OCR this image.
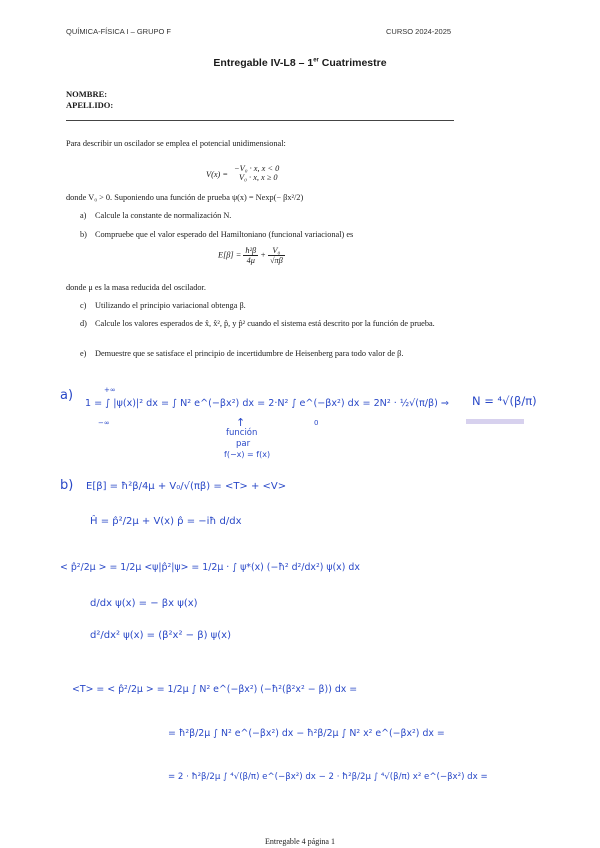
QUÍMICA-FÍSICA I – GRUPO F	CURSO 2024-2025
Entregable IV-L8 – 1er Cuatrimestre
NOMBRE:
APELLIDO:
Para describir un oscilador se emplea el potencial unidimensional:
V(x) =
−V₀ · x, x < 0
V₀ · x, x ≥ 0
donde V₀ > 0. Suponiendo una función de prueba ψ(x) = Nexp(− βx²/2)
a) Calcule la constante de normalización N.
b) Compruebe que el valor esperado del Hamiltoniano (funcional variacional) es
$E[\beta] = \frac{\text{ħ²β}}{4\mu} + \frac{\text{V₀}}{√\pi\beta}$
donde μ es la masa reducida del oscilador.
c) Utilizando el principio variacional obtenga β.
d) Calcule los valores esperados de x̂, x̂², p̂, y p̂² cuando el sistema está descrito por la función de prueba.
e)	Demuestre que se satisface el principio de incertidumbre de Heisenberg para todo valor de β.
a)
1 = ∫ |ψ(x)|² dx = ∫ N² e^(−βx²) dx = 2·N² ∫ e^(−βx²) dx = 2N² · ½√(π/β) ⇒ N = ⁴√(β/π)
+∞
−∞	0
↑
función
par
f(−x) = f(x)
b) E[β] = ħ²β/4μ + V₀/√(πβ) = <T> + <V>
Ĥ = p̂²/2μ + V(x) p̂ = −iħ d/dx
< p̂²/2μ > = 1/2μ <ψ|p̂²|ψ> = 1/2μ · ∫ ψ*(x) (−ħ² d²/dx²) ψ(x) dx
d/dx ψ(x) = − βx ψ(x)
d²/dx² ψ(x) = (β²x² − β) ψ(x)
<T> = < p̂²/2μ > = 1/2μ ∫ N² e^(−βx²) (−ħ²(β²x² − β)) dx =
= ħ²β/2μ ∫ N² e^(−βx²) dx − ħ²β/2μ ∫ N² x² e^(−βx²) dx =
= 2 · ħ²β/2μ ∫ ⁴√(β/π) e^(−βx²) dx − 2 · ħ²β/2μ ∫ ⁴√(β/π) x² e^(−βx²) dx =
Entregable 4 página 1
